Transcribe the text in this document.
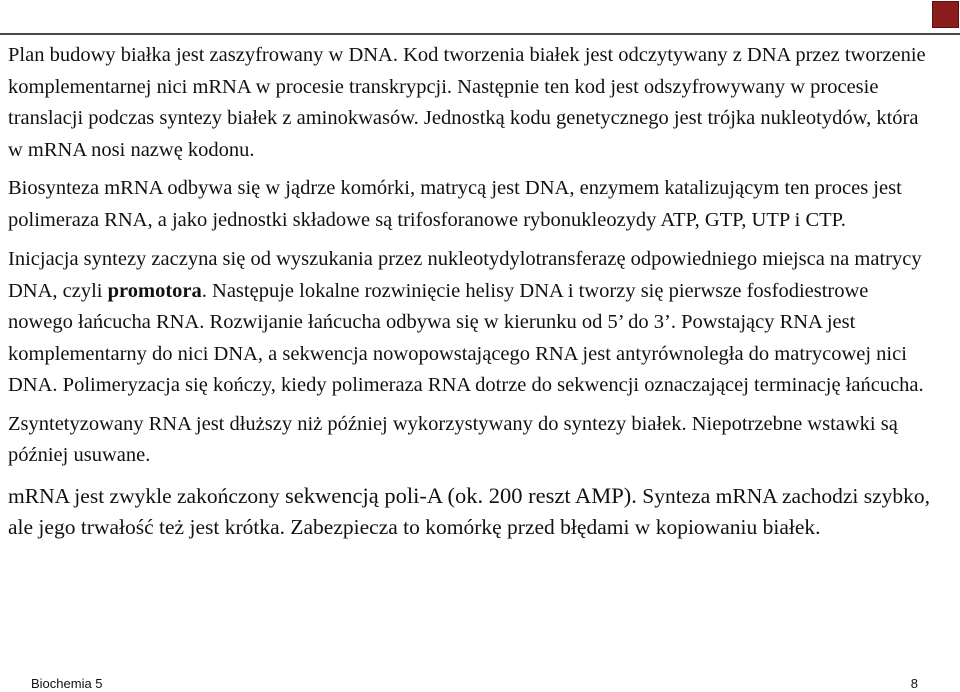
Plan budowy białka jest zaszyfrowany w DNA. Kod tworzenia białek jest odczytywany z DNA przez tworzenie komplementarnej nici mRNA w procesie transkrypcji. Następnie ten kod jest odszyfrowywany w procesie translacji podczas syntezy białek z aminokwasów. Jednostką kodu genetycznego jest trójka nukleotydów, która w mRNA nosi nazwę kodonu.

Biosynteza mRNA odbywa się w jądrze komórki, matrycą jest DNA, enzymem katalizującym ten proces jest polimeraza RNA, a jako jednostki składowe są trifosforanowe rybonukleozydy ATP, GTP, UTP i CTP.

Inicjacja syntezy zaczyna się od wyszukania przez nukleotydylotransferazę odpowiedniego miejsca na matrycy DNA, czyli promotora. Następuje lokalne rozwinięcie helisy DNA i tworzy się pierwsze fosfodiestrowe nowego łańcucha RNA. Rozwijanie łańcucha odbywa się w kierunku od 5’ do 3’. Powstający RNA jest komplementarny do nici DNA, a sekwencja nowopowstającego RNA jest antyrównoległa do matrycowej nici DNA. Polimeryzacja się kończy, kiedy polimeraza RNA dotrze do sekwencji oznaczającej terminację łańcucha.

Zsyntetyzowany RNA jest dłuższy niż później wykorzystywany do syntezy białek. Niepotrzebne wstawki są później usuwane.

mRNA jest zwykle zakończony sekwencją poli-A (ok. 200 reszt AMP). Synteza mRNA zachodzi szybko, ale jego trwałość też jest krótka. Zabezpiecza to komórkę przed błędami w kopiowaniu białek.

Biochemia 5	8
